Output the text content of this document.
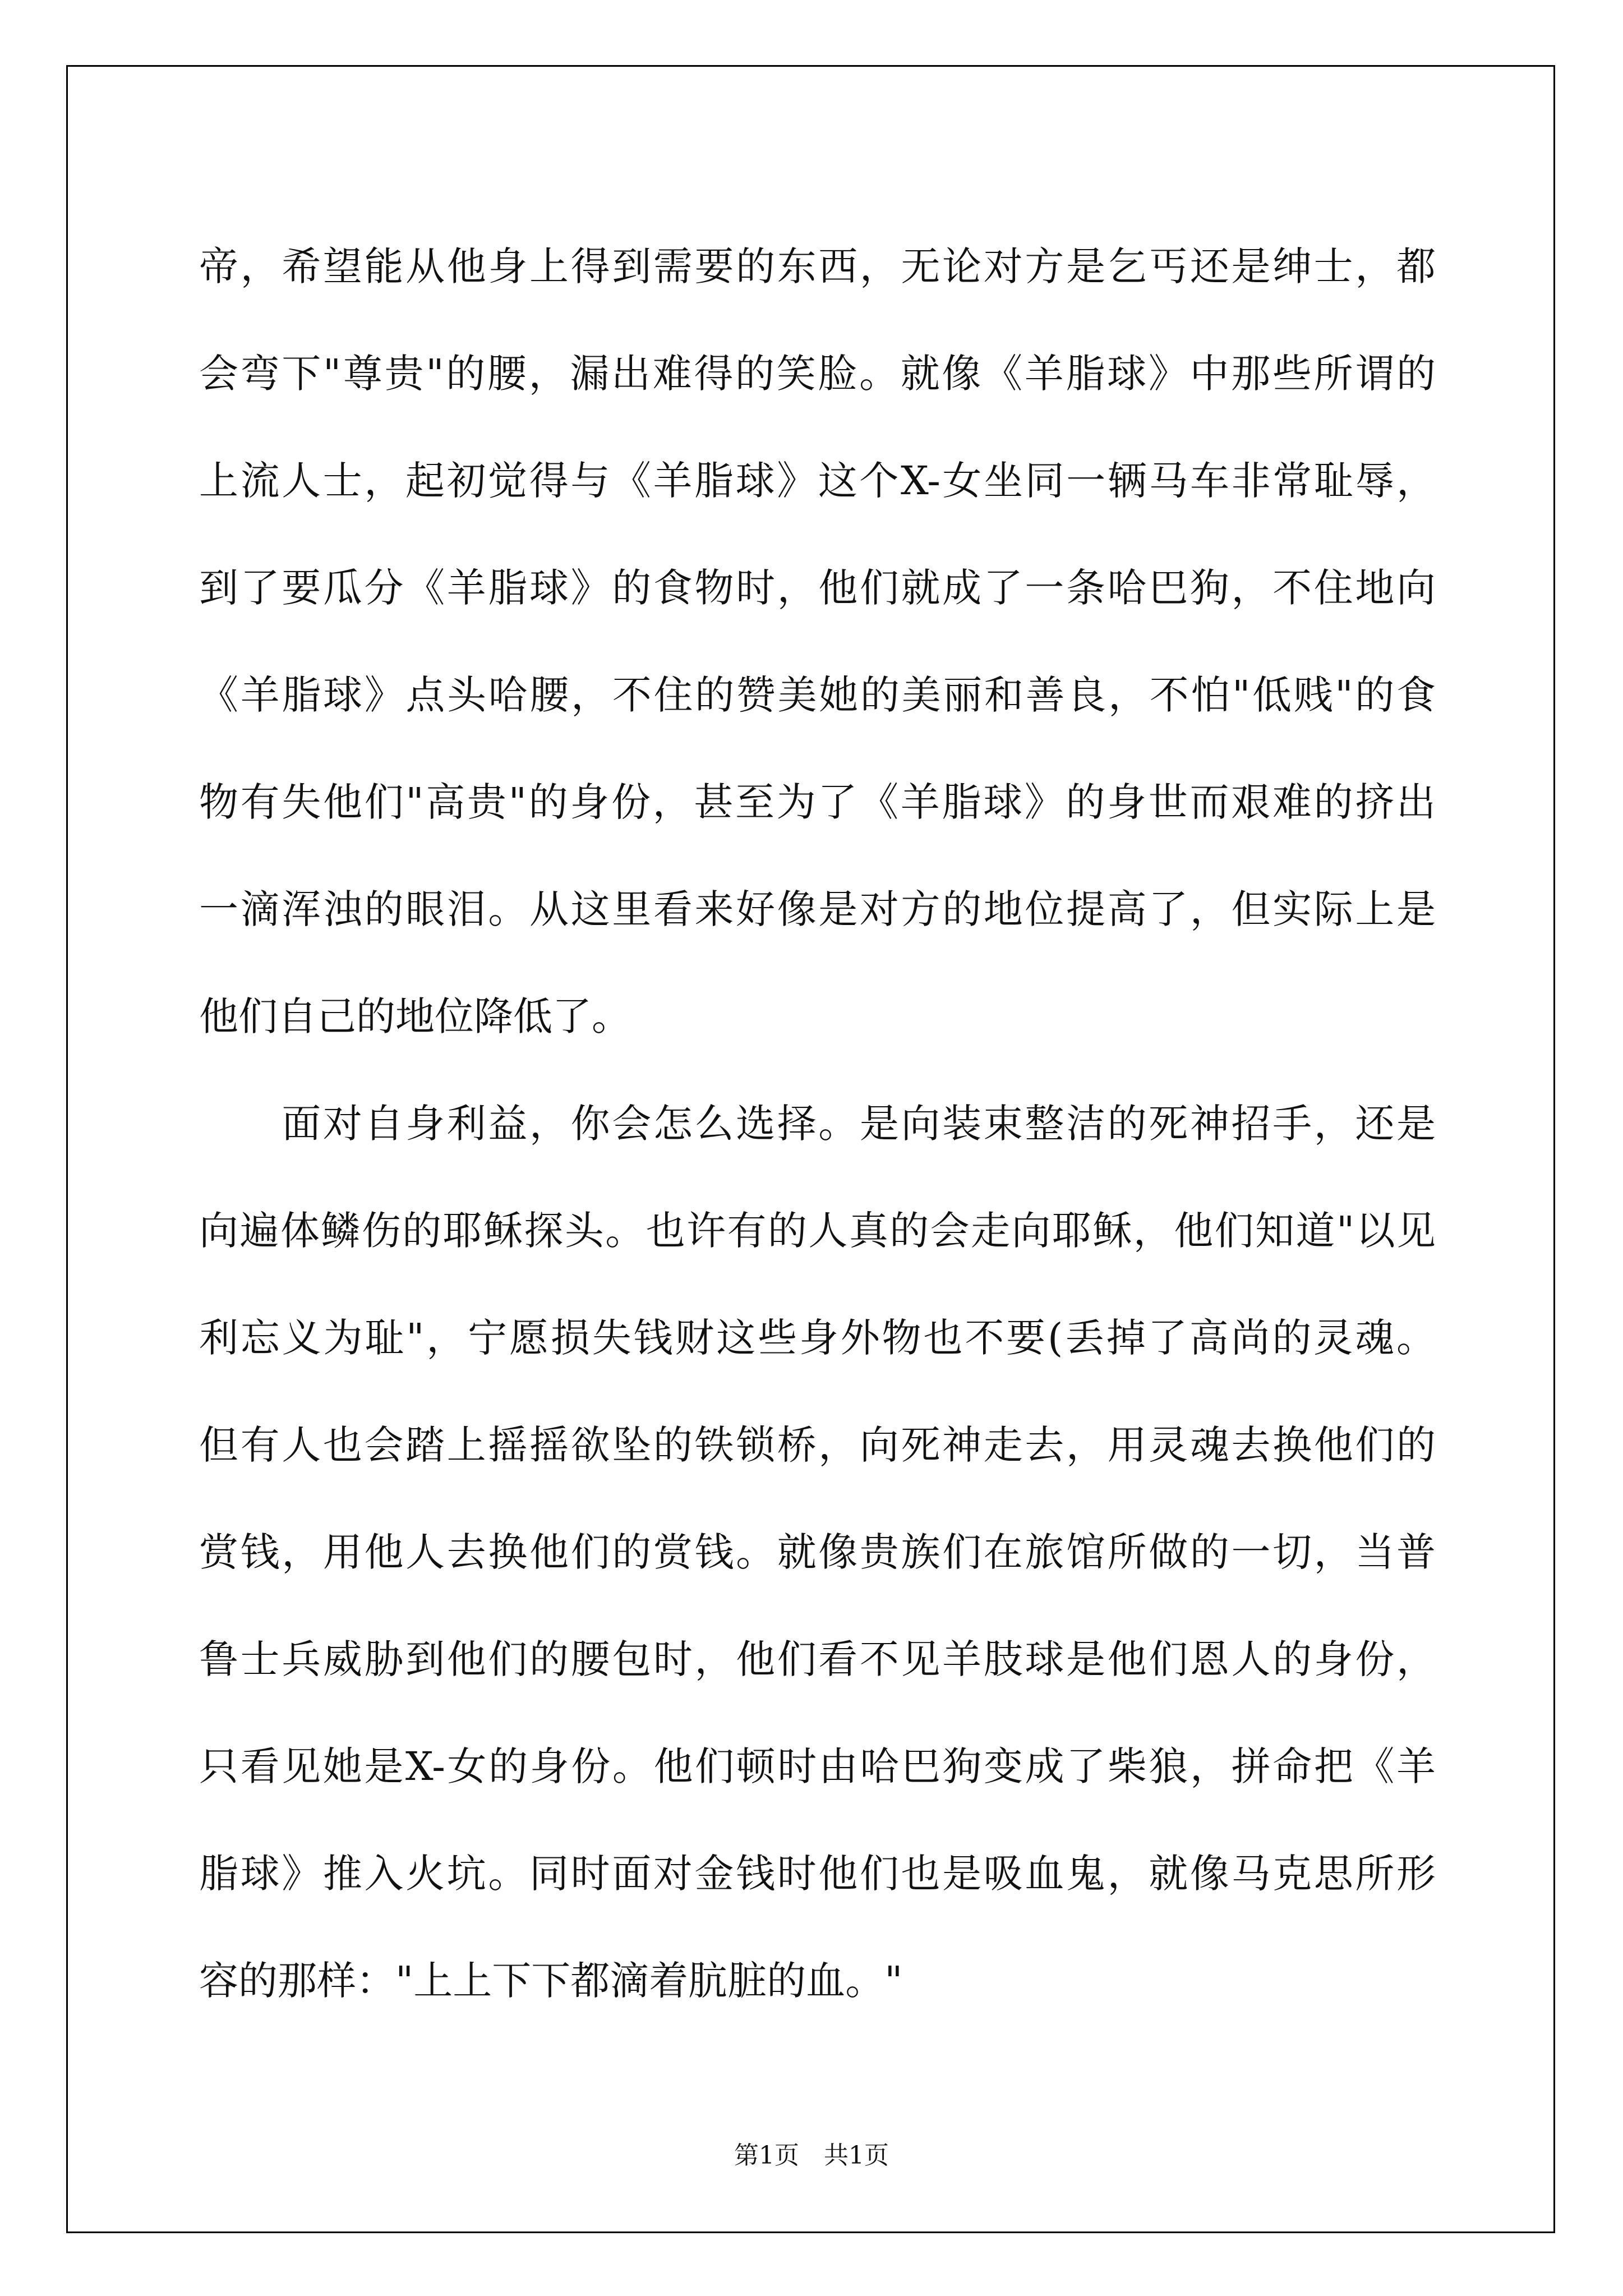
帝，希望能从他身上得到需要的东西，无论对方是乞丐还是绅士，都
会弯下"尊贵"的腰，漏出难得的笑脸。就像《羊脂球》中那些所谓的
上流人士，起初觉得与《羊脂球》这个X-女坐同一辆马车非常耻辱，
到了要瓜分《羊脂球》的食物时，他们就成了一条哈巴狗，不住地向
《羊脂球》点头哈腰，不住的赞美她的美丽和善良，不怕"低贱"的食
物有失他们"高贵"的身份，甚至为了《羊脂球》的身世而艰难的挤出
一滴浑浊的眼泪。从这里看来好像是对方的地位提高了，但实际上是
他们自己的地位降低了。
　　面对自身利益，你会怎么选择。是向装束整洁的死神招手，还是
向遍体鳞伤的耶稣探头。也许有的人真的会走向耶稣，他们知道"以见
利忘义为耻"，宁愿损失钱财这些身外物也不要(丢掉了高尚的灵魂。
但有人也会踏上摇摇欲坠的铁锁桥，向死神走去，用灵魂去换他们的
赏钱，用他人去换他们的赏钱。就像贵族们在旅馆所做的一切，当普
鲁士兵威胁到他们的腰包时，他们看不见羊肢球是他们恩人的身份，
只看见她是X-女的身份。他们顿时由哈巴狗变成了柴狼，拼命把《羊
脂球》推入火坑。同时面对金钱时他们也是吸血鬼，就像马克思所形
容的那样："上上下下都滴着肮脏的血。"
第1页　共1页
